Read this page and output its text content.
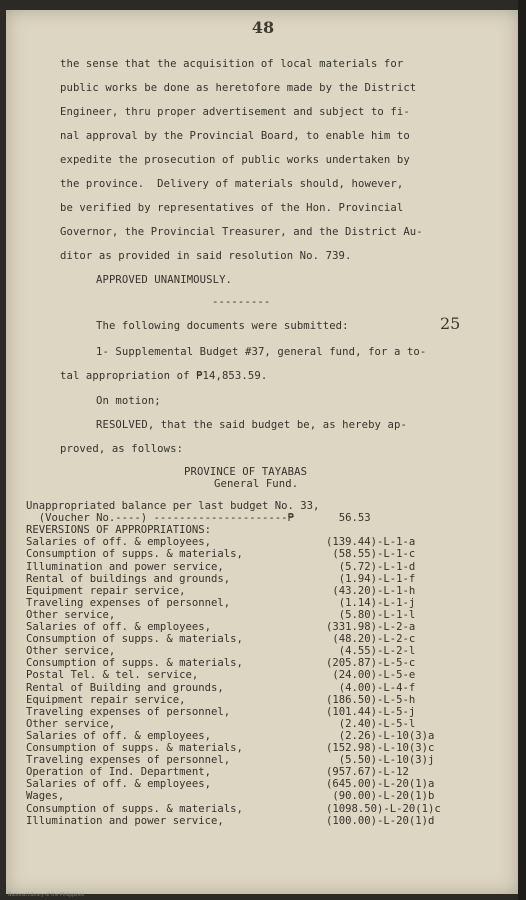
48
25
the sense that the acquisition of local materials for
public works be done as heretofore made by the District
Engineer, thru proper advertisement and subject to fi-
nal approval by the Provincial Board, to enable him to
expedite the prosecution of public works undertaken by
the province.  Delivery of materials should, however,
be verified by representatives of the Hon. Provincial
Governor, the Provincial Treasurer, and the District Au-
ditor as provided in said resolution No. 739.
APPROVED UNANIMOUSLY.
---------
The following documents were submitted:
1- Supplemental Budget #37, general fund, for a to-
tal appropriation of ₱14,853.59.
On motion;
RESOLVED, that the said budget be, as hereby ap-
proved, as follows:
PROVINCE OF TAYABAS
General Fund.
Unappropriated balance per last budget No. 33,
(Voucher No.----) ---------------------₱	56.53
REVERSIONS OF APPROPRIATIONS:
Salaries of off. & employees,	(139.44)-L-1-a
Consumption of supps. & materials,	(58.55)-L-1-c
Illumination and power service,	(5.72)-L-1-d
Rental of buildings and grounds,	(1.94)-L-1-f
Equipment repair service,	(43.20)-L-1-h
Traveling expenses of personnel,	(1.14)-L-1-j
Other service,	(5.80)-L-1-l
Salaries of off. & employees,	(331.98)-L-2-a
Consumption of supps. & materials,	(48.20)-L-2-c
Other service,	(4.55)-L-2-l
Consumption of supps. & materials,	(205.87)-L-5-c
Postal Tel. & tel. service,	(24.00)-L-5-e
Rental of Building and grounds,	(4.00)-L-4-f
Equipment repair service,	(186.50)-L-5-h
Traveling expenses of personnel,	(101.44)-L-5-j
Other service,	(2.40)-L-5-l
Salaries of off. & employees,	(2.26)-L-10(3)a
Consumption of supps. & materials,	(152.98)-L-10(3)c
Traveling expenses of personnel,	(5.50)-L-10(3)j
Operation of Ind. Department,	(957.67)-L-12
Salaries of off. & employees,	(645.00)-L-20(1)a
Wages,	(90.00)-L-20(1)b
Consumption of supps. & materials,	(1098.50)-L-20(1)c
Illumination and power service,	(100.00)-L-20(1)d
National Library of the Philippines
